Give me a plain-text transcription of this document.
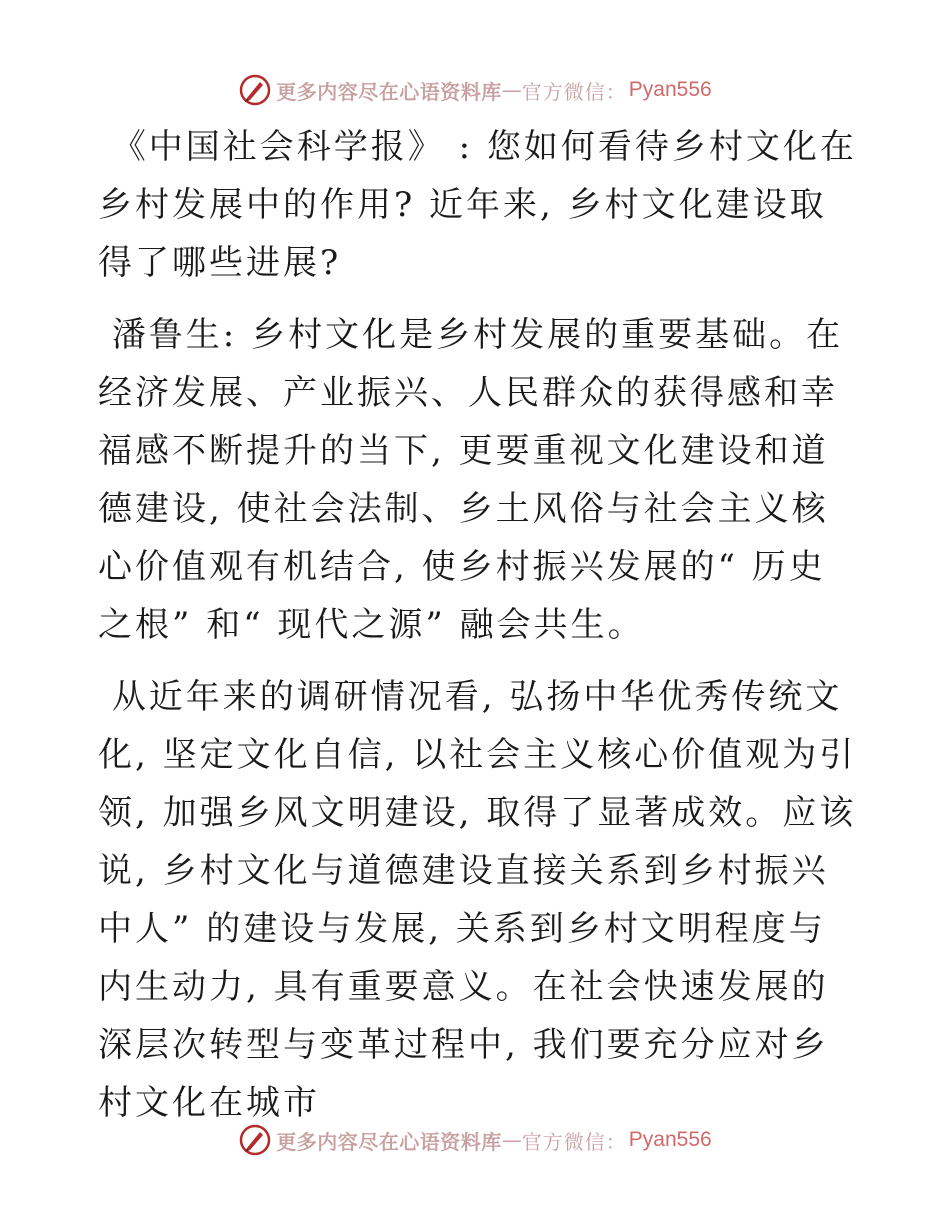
更多内容尽在心语资料库 — 官方微信： Pyan556

《中国社会科学报》 : 您如何看待乡村文化在乡村发展中的作用? 近年来, 乡村文化建设取得了哪些进展?

潘鲁生: 乡村文化是乡村发展的重要基础。在经济发展、产业振兴、人民群众的获得感和幸福感不断提升的当下, 更要重视文化建设和道德建设, 使社会法制、乡土风俗与社会主义核心价值观有机结合, 使乡村振兴发展的“ 历史之根” 和“ 现代之源” 融会共生。

从近年来的调研情况看, 弘扬中华优秀传统文化, 坚定文化自信, 以社会主义核心价值观为引领, 加强乡风文明建设, 取得了显著成效。应该说, 乡村文化与道德建设直接关系到乡村振兴中人” 的建设与发展, 关系到乡村文明程度与内生动力, 具有重要意义。在社会快速发展的深层次转型与变革过程中, 我们要充分应对乡村文化在城市

更多内容尽在心语资料库 — 官方微信： Pyan556
